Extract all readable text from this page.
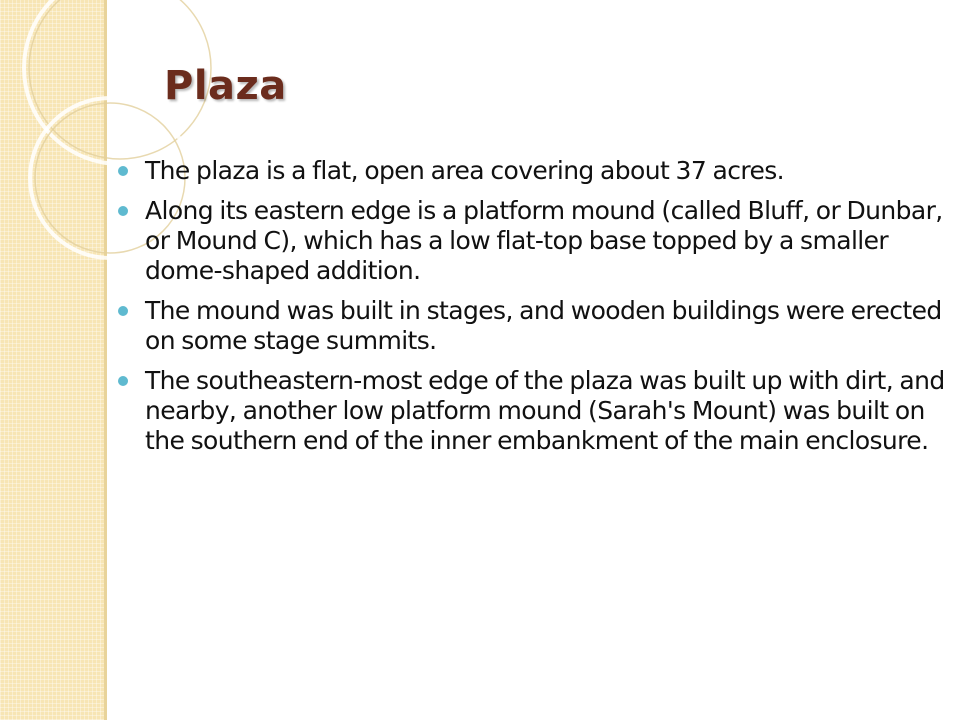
Plaza
The plaza is a flat, open area covering about 37 acres.
Along its eastern edge is a platform mound (called Bluff, or Dunbar, or Mound C), which has a low flat-top base topped by a smaller dome-shaped addition.
The mound was built in stages, and wooden buildings were erected on some stage summits.
The southeastern-most edge of the plaza was built up with dirt, and nearby, another low platform mound (Sarah's Mount) was built on the southern end of the inner embankment of the main enclosure.
